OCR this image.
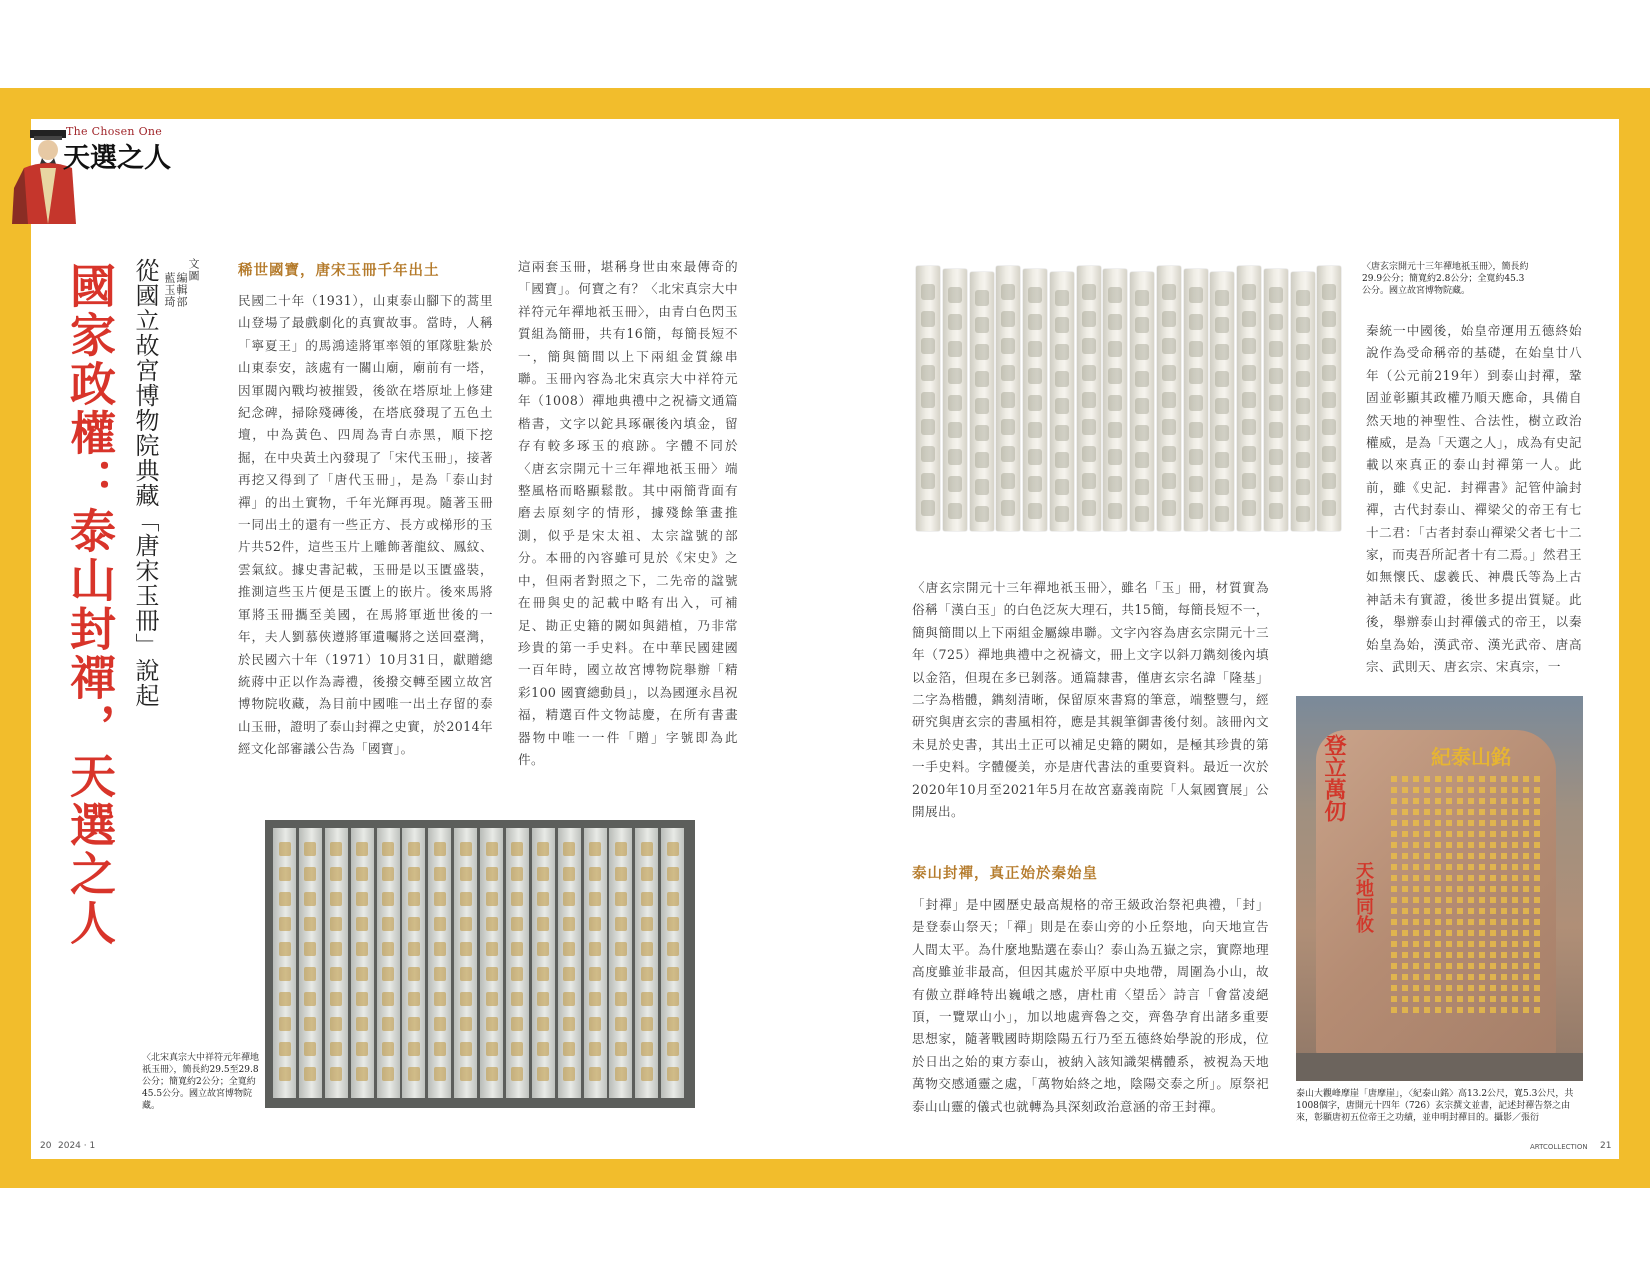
The Chosen One
天選之人
國家政權：泰山封禪，天選之人 從國立故宮博物院典藏「唐宋玉冊」說起	文圖
編輯部
藍玉琦
稀世國寶，唐宋玉冊千年出土
民國二十年（1931），山東泰山腳下的蒿里山登場了最戲劇化的真實故事。當時，人稱「寧夏王」的馬鴻逵將軍率領的軍隊駐紮於山東泰安，該處有一關山廟，廟前有一塔，因軍閥內戰均被摧毀，後欲在塔原址上修建紀念碑，掃除殘磚後，在塔底發現了五色土壇，中為黃色、四周為青白赤黑，順下挖掘，在中央黃土內發現了「宋代玉冊」，接著再挖又得到了「唐代玉冊」，是為「泰山封禪」的出土實物，千年光輝再現。隨著玉冊一同出土的還有一些正方、長方或梯形的玉片共52件，這些玉片上雕飾著龍紋、鳳紋、雲氣紋。據史書記載，玉冊是以玉匱盛裝，推測這些玉片便是玉匱上的嵌片。後來馬將軍將玉冊攜至美國，在馬將軍逝世後的一年，夫人劉慕俠遵將軍遺囑將之送回臺灣，於民國六十年（1971）10月31日，獻贈總統蔣中正以作為壽禮，後撥交轉至國立故宮博物院收藏，為目前中國唯一出土存留的泰山玉冊，證明了泰山封禪之史實，於2014年經文化部審議公告為「國寶」。
這兩套玉冊，堪稱身世由來最傳奇的「國寶」。何寶之有？〈北宋真宗大中祥符元年禪地祇玉冊〉，由青白色閃玉質組為簡冊，共有16簡，每簡長短不一，簡與簡間以上下兩組金質線串聯。玉冊內容為北宋真宗大中祥符元年（1008）禪地典禮中之祝禱文通篇楷書，文字以鉈具琢碾後內填金，留存有較多琢玉的痕跡。字體不同於〈唐玄宗開元十三年禪地祇玉冊〉端整風格而略顯鬆散。其中兩簡背面有磨去原刻字的情形，據殘餘筆畫推測，似乎是宋太祖、太宗諡號的部分。本冊的內容雖可見於《宋史》之中，但兩者對照之下，二先帝的諡號在冊與史的記載中略有出入，可補足、勘正史籍的闕如與錯植，乃非常珍貴的第一手史料。在中華民國建國一百年時，國立故宮博物院舉辦「精彩100 國寶總動員」，以為國運永昌祝福，精選百件文物誌慶，在所有書畫器物中唯一一件「贈」字號即為此件。
〈北宋真宗大中祥符元年禪地祇玉冊〉，簡長約29.5至29.8公分；簡寬約2公分；全寬約45.5公分。國立故宮博物院藏。
〈唐玄宗開元十三年禪地祇玉冊〉，簡長約29.9公分；簡寬約2.8公分；全寬約45.3公分。國立故宮博物院藏。
〈唐玄宗開元十三年禪地祇玉冊〉，雖名「玉」冊，材質實為俗稱「漢白玉」的白色泛灰大理石，共15簡，每簡長短不一，簡與簡間以上下兩組金屬線串聯。文字內容為唐玄宗開元十三年（725）禪地典禮中之祝禱文，冊上文字以斜刀鐫刻後內填以金箔，但現在多已剝落。通篇隸書，僅唐玄宗名諱「隆基」二字為楷體，鐫刻清晰，保留原來書寫的筆意，端整豐勻，經研究與唐玄宗的書風相符，應是其親筆御書後付刻。該冊內文未見於史書，其出土正可以補足史籍的闕如，是極其珍貴的第一手史料。字體優美，亦是唐代書法的重要資料。最近一次於2020年10月至2021年5月在故宮嘉義南院「人氣國寶展」公開展出。
秦統一中國後，始皇帝運用五德終始說作為受命稱帝的基礎，在始皇廿八年（公元前219年）到泰山封禪，鞏固並彰顯其政權乃順天應命，具備自然天地的神聖性、合法性，樹立政治權威，是為「天選之人」，成為有史記載以來真正的泰山封禪第一人。此前，雖《史記．封禪書》記管仲論封禪，古代封泰山、禪梁父的帝王有七十二君：「古者封泰山禪梁父者七十二家，而夷吾所記者十有二焉。」然君王如無懷氏、虙羲氏、神農氏等為上古神話未有實證，後世多提出質疑。此後，舉辦泰山封禪儀式的帝王，以秦始皇為始，漢武帝、漢光武帝、唐高宗、武則天、唐玄宗、宋真宗，一
泰山封禪，真正始於秦始皇
「封禪」是中國歷史最高規格的帝王級政治祭祀典禮，「封」是登泰山祭天；「禪」則是在泰山旁的小丘祭地，向天地宣告人間太平。為什麼地點選在泰山？泰山為五嶽之宗，實際地理高度雖並非最高，但因其處於平原中央地帶，周圍為小山，故有傲立群峰特出巍峨之感，唐杜甫〈望岳〉詩言「會當凌絕頂，一覽眾山小」，加以地處齊魯之交，齊魯孕育出諸多重要思想家，隨著戰國時期陰陽五行乃至五德終始學說的形成，位於日出之始的東方泰山，被納入該知識架構體系，被視為天地萬物交感通靈之處，「萬物始終之地，陰陽交泰之所」。原祭祀泰山山靈的儀式也就轉為具深刻政治意涵的帝王封禪。
紀泰山銘
登立萬仞
天地同攸
泰山大觀峰摩崖「唐摩崖」，〈紀泰山銘〉高13.2公尺，寬5.3公尺，共1008個字，唐開元十四年（726）玄宗撰文並書，記述封禪告祭之由來，彰顯唐初五位帝王之功績，並申明封禪目的。攝影／張衍
20 2024 · 1	ARTCOLLECTION 21
